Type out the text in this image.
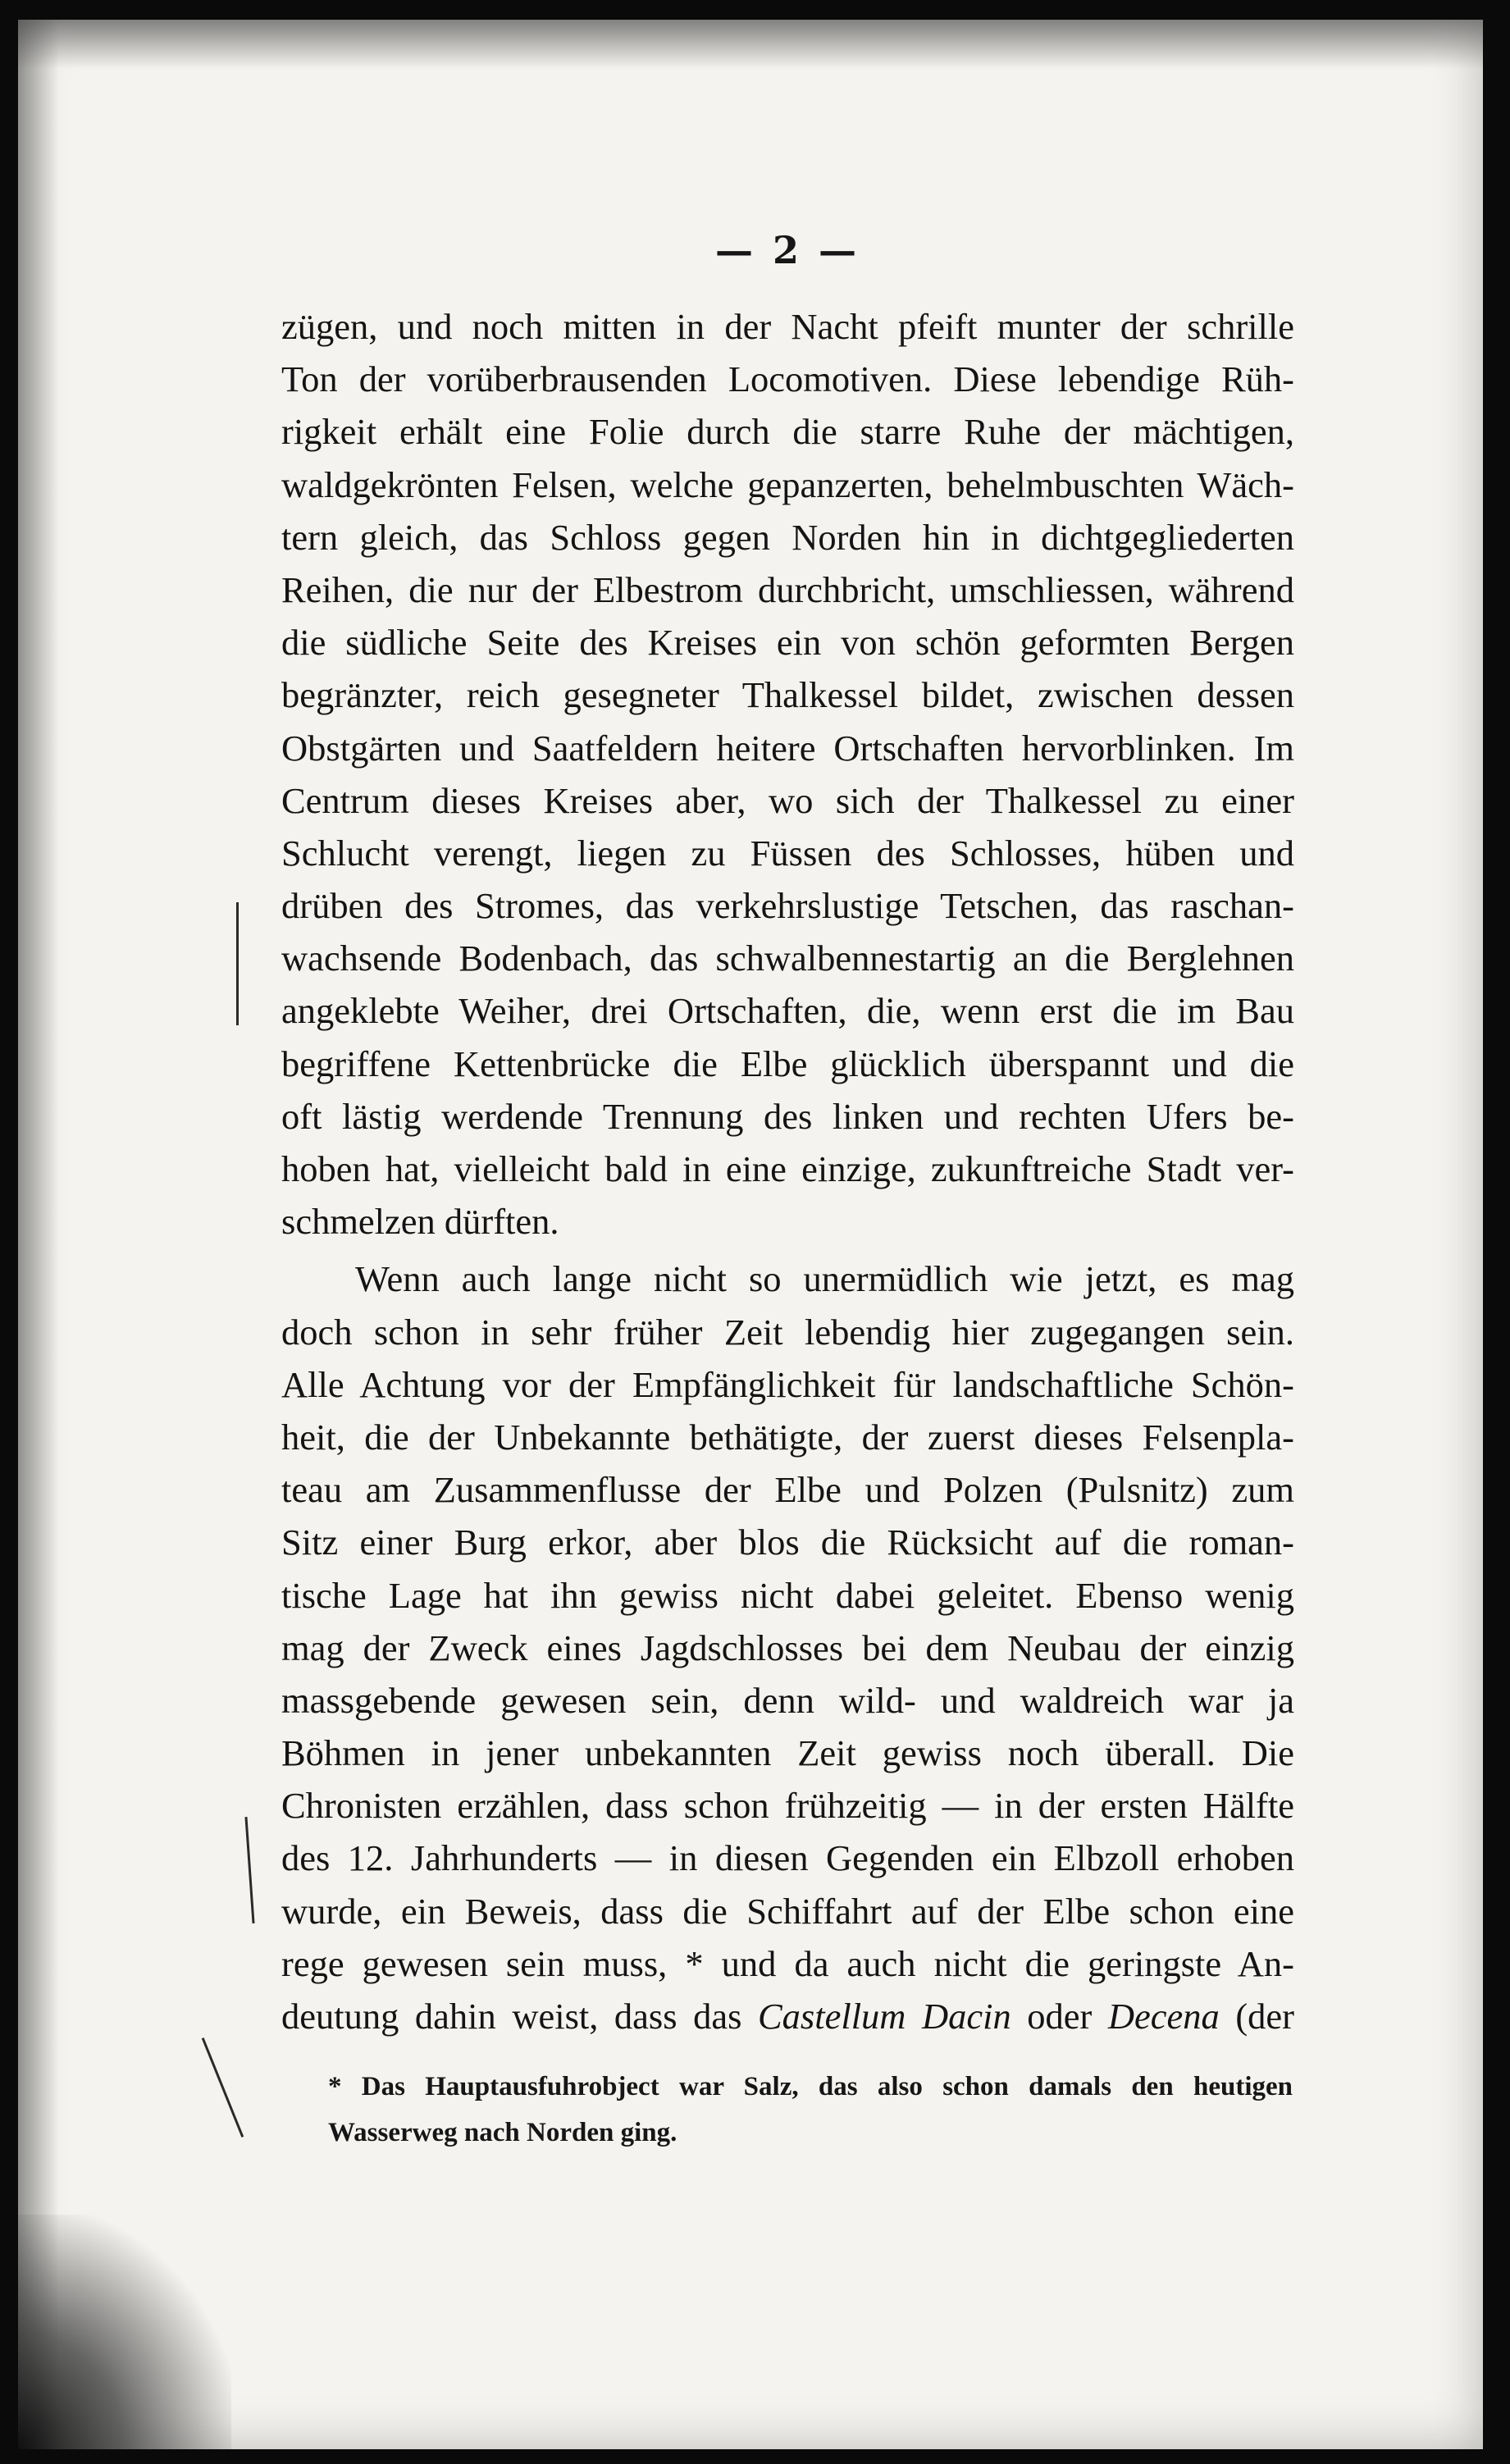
— 2 —
zügen, und noch mitten in der Nacht pfeift munter der schrille
Ton der vorüberbrausenden Locomotiven. Diese lebendige Rüh-
rigkeit erhält eine Folie durch die starre Ruhe der mächtigen,
waldgekrönten Felsen, welche gepanzerten, behelmbuschten Wäch-
tern gleich, das Schloss gegen Norden hin in dichtgegliederten
Reihen, die nur der Elbestrom durchbricht, umschliessen, während
die südliche Seite des Kreises ein von schön geformten Bergen
begränzter, reich gesegneter Thalkessel bildet, zwischen dessen
Obstgärten und Saatfeldern heitere Ortschaften hervorblinken. Im
Centrum dieses Kreises aber, wo sich der Thalkessel zu einer
Schlucht verengt, liegen zu Füssen des Schlosses, hüben und
drüben des Stromes, das verkehrslustige Tetschen, das raschan-
wachsende Bodenbach, das schwalbennestartig an die Berglehnen
angeklebte Weiher, drei Ortschaften, die, wenn erst die im Bau
begriffene Kettenbrücke die Elbe glücklich überspannt und die
oft lästig werdende Trennung des linken und rechten Ufers be-
hoben hat, vielleicht bald in eine einzige, zukunftreiche Stadt ver-
schmelzen dürften.
Wenn auch lange nicht so unermüdlich wie jetzt, es mag
doch schon in sehr früher Zeit lebendig hier zugegangen sein.
Alle Achtung vor der Empfänglichkeit für landschaftliche Schön-
heit, die der Unbekannte bethätigte, der zuerst dieses Felsenpla-
teau am Zusammenflusse der Elbe und Polzen (Pulsnitz) zum
Sitz einer Burg erkor, aber blos die Rücksicht auf die roman-
tische Lage hat ihn gewiss nicht dabei geleitet. Ebenso wenig
mag der Zweck eines Jagdschlosses bei dem Neubau der einzig
massgebende gewesen sein, denn wild- und waldreich war ja
Böhmen in jener unbekannten Zeit gewiss noch überall. Die
Chronisten erzählen, dass schon frühzeitig — in der ersten Hälfte
des 12. Jahrhunderts — in diesen Gegenden ein Elbzoll erhoben
wurde, ein Beweis, dass die Schiffahrt auf der Elbe schon eine
rege gewesen sein muss, * und da auch nicht die geringste An-
deutung dahin weist, dass das Castellum Dacin oder Decena (der
* Das Hauptausfuhrobject war Salz, das also schon damals den heutigen
Wasserweg nach Norden ging.
